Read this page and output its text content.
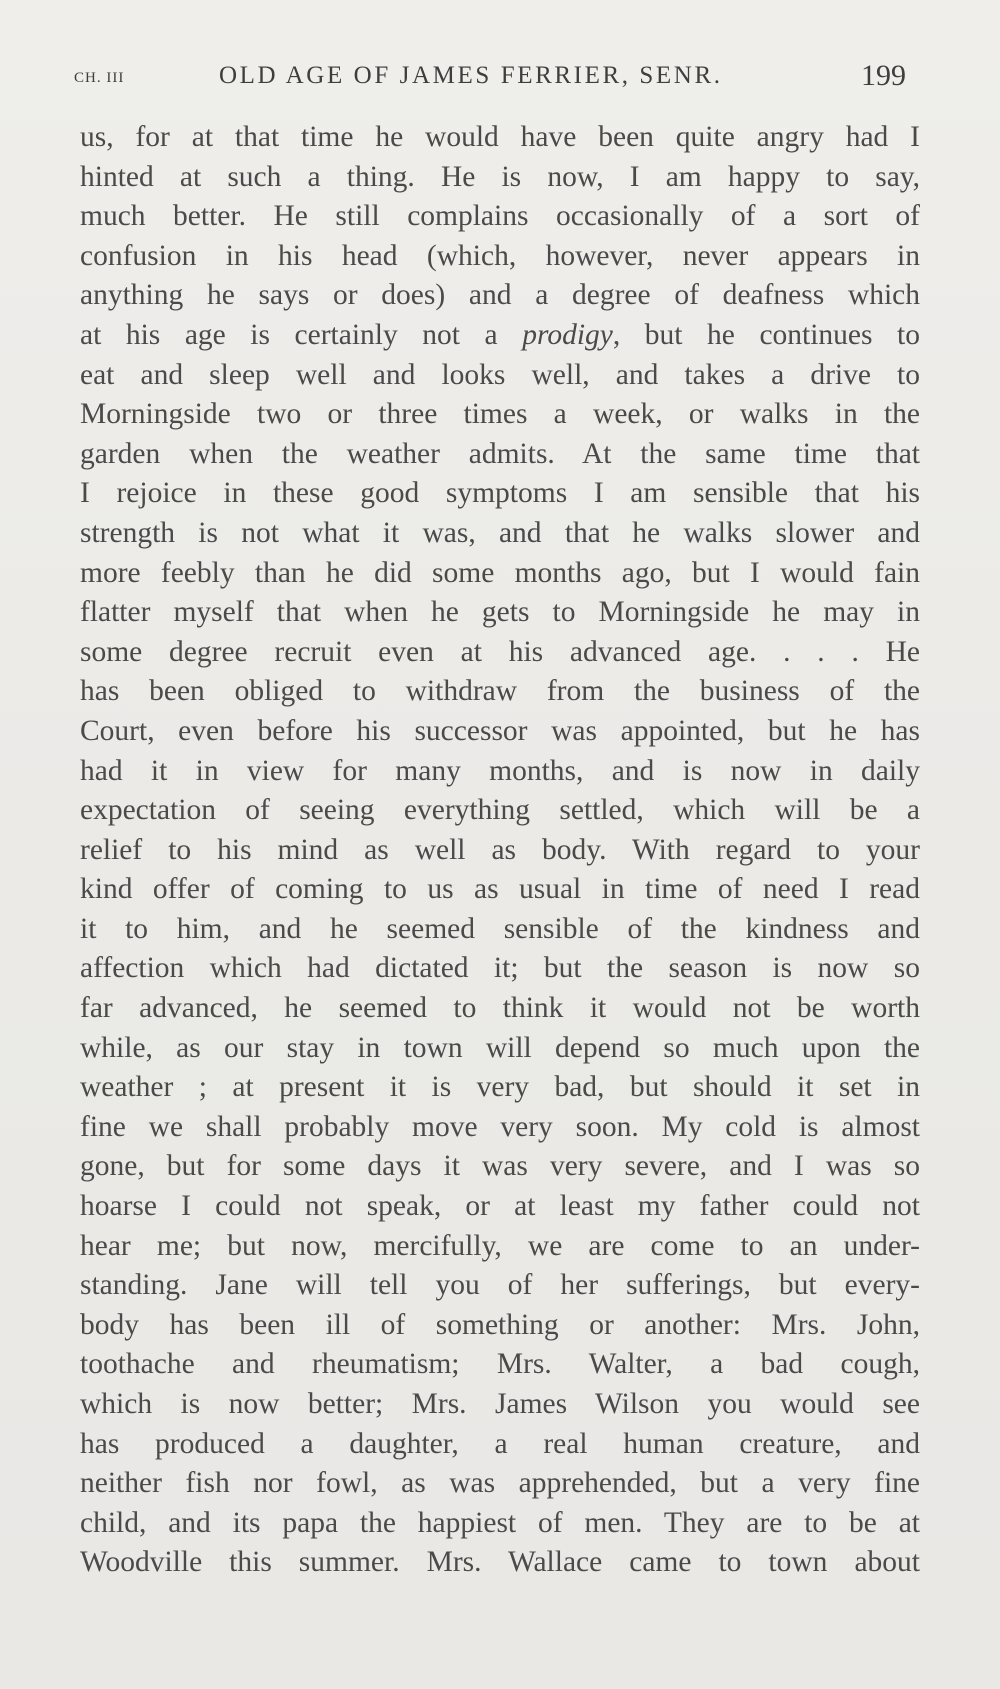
CH. III	OLD AGE OF JAMES FERRIER, SENR.	199
us, for at that time he would have been quite angry had I
hinted at such a thing. He is now, I am happy to say,
much better. He still complains occasionally of a sort of
confusion in his head (which, however, never appears in
anything he says or does) and a degree of deafness which
at his age is certainly not a prodigy, but he continues to
eat and sleep well and looks well, and takes a drive to
Morningside two or three times a week, or walks in the
garden when the weather admits. At the same time that
I rejoice in these good symptoms I am sensible that his
strength is not what it was, and that he walks slower and
more feebly than he did some months ago, but I would fain
flatter myself that when he gets to Morningside he may in
some degree recruit even at his advanced age. . . . He
has been obliged to withdraw from the business of the
Court, even before his successor was appointed, but he has
had it in view for many months, and is now in daily
expectation of seeing everything settled, which will be a
relief to his mind as well as body. With regard to your
kind offer of coming to us as usual in time of need I read
it to him, and he seemed sensible of the kindness and
affection which had dictated it; but the season is now so
far advanced, he seemed to think it would not be worth
while, as our stay in town will depend so much upon the
weather ; at present it is very bad, but should it set in
fine we shall probably move very soon. My cold is almost
gone, but for some days it was very severe, and I was so
hoarse I could not speak, or at least my father could not
hear me; but now, mercifully, we are come to an under-
standing. Jane will tell you of her sufferings, but every-
body has been ill of something or another: Mrs. John,
toothache and rheumatism; Mrs. Walter, a bad cough,
which is now better; Mrs. James Wilson you would see
has produced a daughter, a real human creature, and
neither fish nor fowl, as was apprehended, but a very fine
child, and its papa the happiest of men. They are to be at
Woodville this summer. Mrs. Wallace came to town about
